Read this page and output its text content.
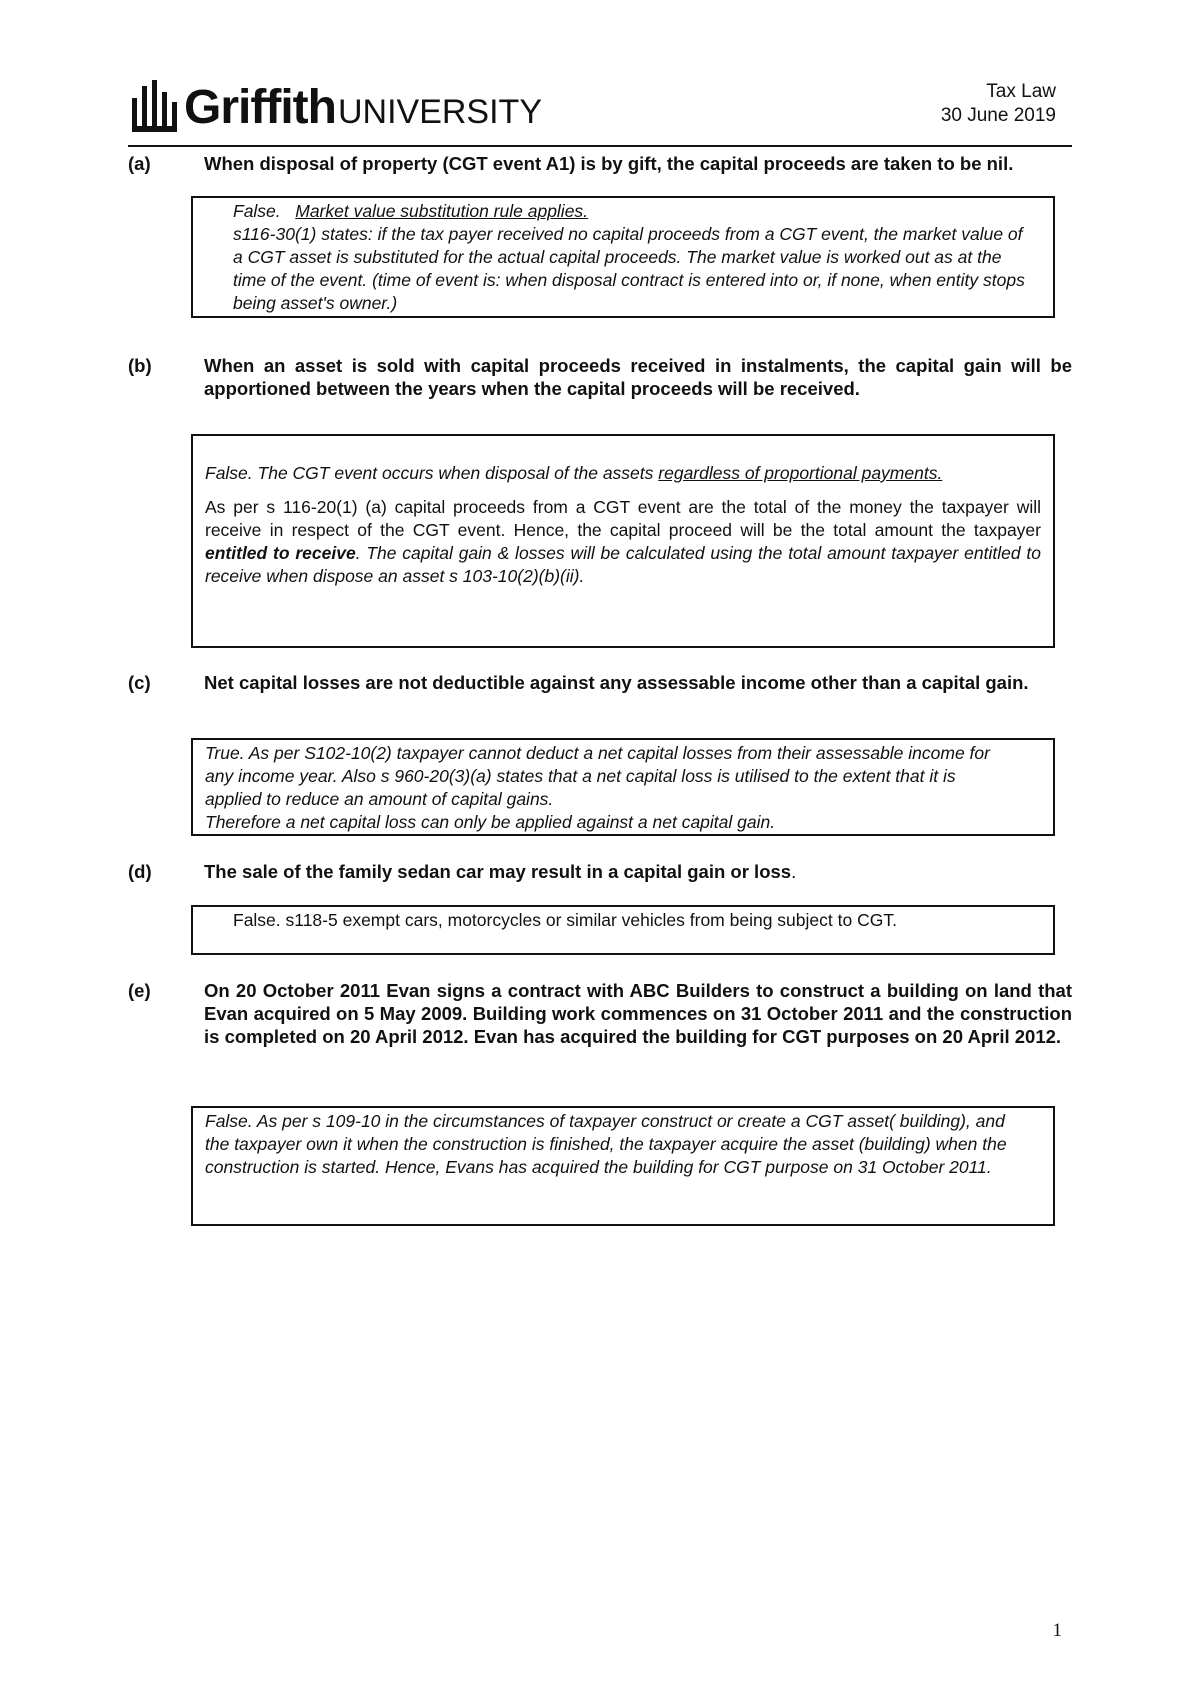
Griffith UNIVERSITY
Tax Law
30 June 2019
(a)	When disposal of property (CGT event A1) is by gift, the capital proceeds are taken to be nil.

False. Market value substitution rule applies.

s116-30(1) states: if the tax payer received no capital proceeds from a CGT event, the market value of a CGT asset is substituted for the actual capital proceeds. The market value is worked out as at the time of the event. (time of event is: when disposal contract is entered into or, if none, when entity stops being asset's owner.)

(b)	When an asset is sold with capital proceeds received in instalments, the capital gain will be apportioned between the years when the capital proceeds will be received.

False. The CGT event occurs when disposal of the assets regardless of proportional payments.

As per s 116-20(1) (a) capital proceeds from a CGT event are the total of the money the taxpayer will receive in respect of the CGT event. Hence, the capital proceed will be the total amount the taxpayer entitled to receive. The capital gain & losses will be calculated using the total amount taxpayer entitled to receive when dispose an asset s 103-10(2)(b)(ii).

(c)	Net capital losses are not deductible against any assessable income other than a capital gain.

True. As per S102-10(2) taxpayer cannot deduct a net capital losses from their assessable income for any income year. Also s 960-20(3)(a) states that a net capital loss is utilised to the extent that it is applied to reduce an amount of capital gains.

Therefore a net capital loss can only be applied against a net capital gain.

(d)	The sale of the family sedan car may result in a capital gain or loss.

False. s118-5 exempt cars, motorcycles or similar vehicles from being subject to CGT.

(e)	On 20 October 2011 Evan signs a contract with ABC Builders to construct a building on land that Evan acquired on 5 May 2009. Building work commences on 31 October 2011 and the construction is completed on 20 April 2012. Evan has acquired the building for CGT purposes on 20 April 2012.

False. As per s 109-10 in the circumstances of taxpayer construct or create a CGT asset( building), and the taxpayer own it when the construction is finished, the taxpayer acquire the asset (building) when the construction is started. Hence, Evans has acquired the building for CGT purpose on 31 October 2011.

1
